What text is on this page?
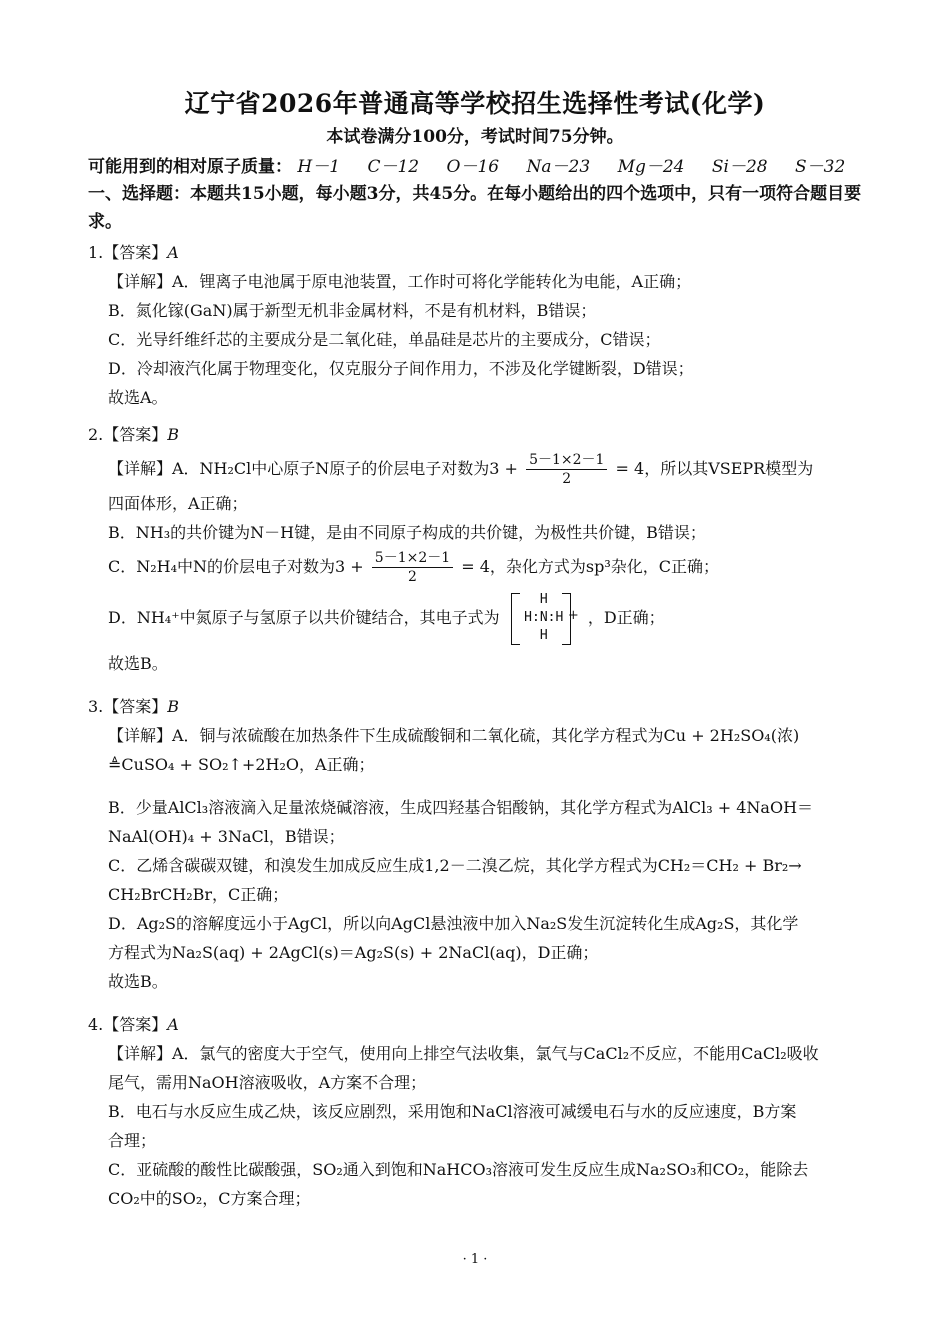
辽宁省2026年普通高等学校招生选择性考试(化学)
本试卷满分100分，考试时间75分钟。
可能用到的相对原子质量： H－1 C－12 O－16 Na－23 Mg－24 Si－28 S－32
一、选择题：本题共15小题，每小题3分，共45分。在每小题给出的四个选项中，只有一项符合题目要求。
1.【答案】A
【详解】A．锂离子电池属于原电池装置，工作时可将化学能转化为电能，A正确；
B．氮化镓(GaN)属于新型无机非金属材料，不是有机材料，B错误；
C．光导纤维纤芯的主要成分是二氧化硅，单晶硅是芯片的主要成分，C错误；
D．冷却液汽化属于物理变化，仅克服分子间作用力，不涉及化学键断裂，D错误；
故选A。
2.【答案】B
【详解】A．NH₂Cl中心原子N原子的价层电子对数为$3 + \frac{5-1\times 2-1}{2} = 4$，所以其VSEPR模型为
四面体形，A正确；
B．NH₃的共价键为N－H键，是由不同原子构成的共价键，为极性共价键，B错误；
C．N₂H₄中N的价层电子对数为$3 + \frac{5-1\times 2-1}{2} = 4$，杂化方式为sp³杂化，C正确；
D．NH₄⁺中氮原子与氢原子以共价键结合，其电子式为
H
H:N:H
H
+ ，D正确；
故选B。
3.【答案】B
【详解】A．铜与浓硫酸在加热条件下生成硫酸铜和二氧化硫，其化学方程式为Cu + 2H₂SO₄(浓)
≜CuSO₄ + SO₂↑+2H₂O，A正确；
B．少量AlCl₃溶液滴入足量浓烧碱溶液，生成四羟基合铝酸钠，其化学方程式为AlCl₃ + 4NaOH＝
NaAl(OH)₄ + 3NaCl，B错误；
C．乙烯含碳碳双键，和溴发生加成反应生成1,2－二溴乙烷，其化学方程式为CH₂＝CH₂ + Br₂→
CH₂BrCH₂Br，C正确；
D．Ag₂S的溶解度远小于AgCl，所以向AgCl悬浊液中加入Na₂S发生沉淀转化生成Ag₂S，其化学
方程式为Na₂S(aq) + 2AgCl(s)＝Ag₂S(s) + 2NaCl(aq)，D正确；
故选B。
4.【答案】A
【详解】A．氯气的密度大于空气，使用向上排空气法收集，氯气与CaCl₂不反应，不能用CaCl₂吸收
尾气，需用NaOH溶液吸收，A方案不合理；
B．电石与水反应生成乙炔，该反应剧烈，采用饱和NaCl溶液可减缓电石与水的反应速度，B方案
合理；
C．亚硫酸的酸性比碳酸强，SO₂通入到饱和NaHCO₃溶液可发生反应生成Na₂SO₃和CO₂，能除去
CO₂中的SO₂，C方案合理；
· 1 ·
